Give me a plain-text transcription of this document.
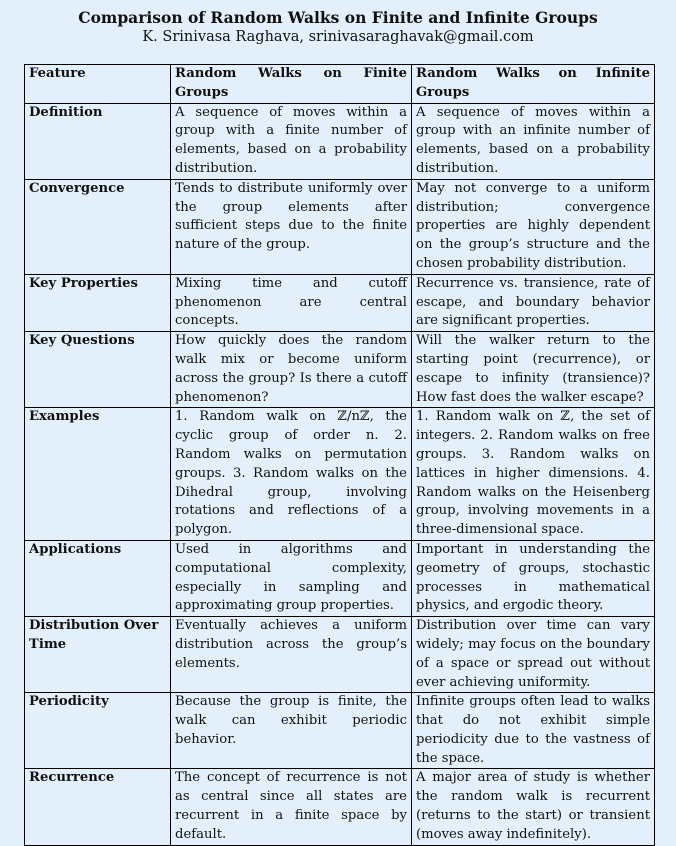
Comparison of Random Walks on Finite and Infinite Groups
K. Srinivasa Raghava, srinivasaraghavak@gmail.com
Feature	Random Walks on Finite Groups	Random Walks on Infinite Groups
Definition	A sequence of moves within a group with a finite number of elements, based on a probability distribution.	A sequence of moves within a group with an infinite number of elements, based on a probability distribution.
Convergence	Tends to distribute uniformly over the group elements after sufficient steps due to the finite nature of the group.	May not converge to a uniform distribution; convergence properties are highly dependent on the group’s structure and the chosen probability distribution.
Key Properties	Mixing time and cutoff phenomenon are central concepts.	Recurrence vs. transience, rate of escape, and boundary behavior are significant properties.
Key Questions	How quickly does the random walk mix or become uniform across the group? Is there a cutoff phenomenon?	Will the walker return to the starting point (recurrence), or escape to infinity (transience)? How fast does the walker escape?
Examples	1. Random walk on ℤ/nℤ, the cyclic group of order n. 2. Random walks on permutation groups. 3. Random walks on the Dihedral group, involving rotations and reflections of a polygon.	1. Random walk on ℤ, the set of integers. 2. Random walks on free groups. 3. Random walks on lattices in higher dimensions. 4. Random walks on the Heisenberg group, involving movements in a three-dimensional space.
Applications	Used in algorithms and computational complexity, especially in sampling and approximating group properties.	Important in understanding the geometry of groups, stochastic processes in mathematical physics, and ergodic theory.
Distribution Over Time	Eventually achieves a uniform distribution across the group’s elements.	Distribution over time can vary widely; may focus on the boundary of a space or spread out without ever achieving uniformity.
Periodicity	Because the group is finite, the walk can exhibit periodic behavior.	Infinite groups often lead to walks that do not exhibit simple periodicity due to the vastness of the space.
Recurrence	The concept of recurrence is not as central since all states are recurrent in a finite space by default.	A major area of study is whether the random walk is recurrent (returns to the start) or transient (moves away indefinitely).
